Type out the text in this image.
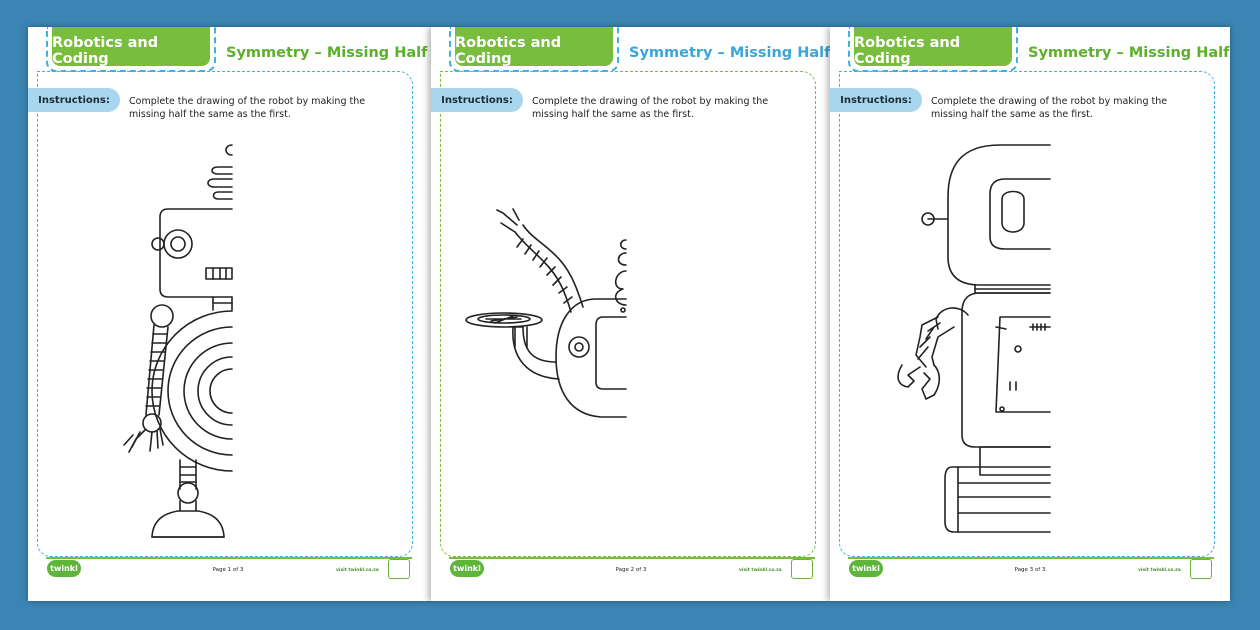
Robotics and Coding	Symmetry – Missing Half
Instructions:	Complete the drawing of the robot by making the missing half the same as the first.
twinkl	Page 1 of 3	visit twinkl.co.za
Robotics and Coding	Symmetry – Missing Half
Instructions:	Complete the drawing of the robot by making the missing half the same as the first.
twinkl	Page 2 of 3	visit twinkl.co.za
Robotics and Coding	Symmetry – Missing Half
Instructions:	Complete the drawing of the robot by making the missing half the same as the first.
twinkl	Page 3 of 3	visit twinkl.co.za
